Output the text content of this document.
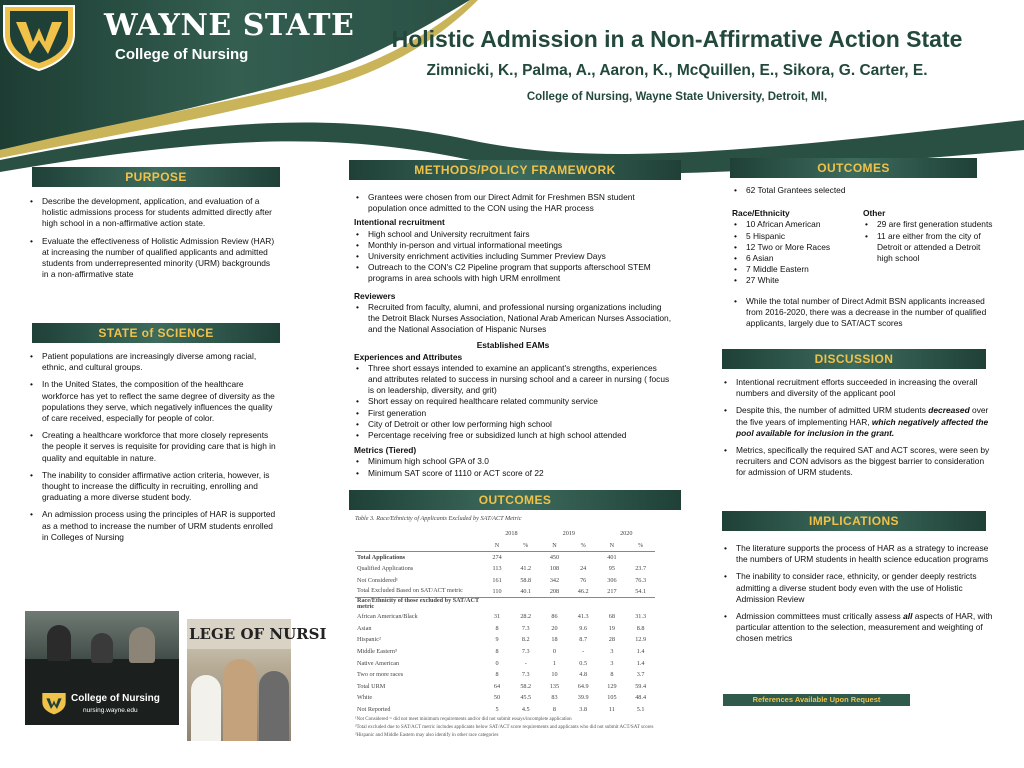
WAYNE STATE
College of Nursing
Holistic Admission in a Non-Affirmative Action State
Zimnicki, K., Palma, A., Aaron, K., McQuillen, E., Sikora, G. Carter, E.
College of Nursing, Wayne State University, Detroit, MI,
PURPOSE
• Describe the development, application, and evaluation of a holistic admissions process for students admitted directly after high school in a non-affirmative action state.
• Evaluate the effectiveness of Holistic Admission Review (HAR) at increasing the number of qualified applicants and admitted students from underrepresented minority (URM) backgrounds in a non-affirmative state
STATE of SCIENCE
• Patient populations are increasingly diverse among racial, ethnic, and cultural groups.
• In the United States, the composition of the healthcare workforce has yet to reflect the same degree of diversity as the populations they serve, which negatively influences the quality of care received, especially for people of color.
• Creating a healthcare workforce that more closely represents the people it serves is requisite for providing care that is high in quality and equitable in nature.
• The inability to consider affirmative action criteria, however, is thought to increase the difficulty in recruiting, enrolling and graduating a more diverse student body.
• An admission process using the principles of HAR is supported as a method to increase the number of URM students enrolled in Colleges of Nursing
College of Nursing
nursing.wayne.edu
LEGE OF NURSI
METHODS/POLICY FRAMEWORK
• Grantees were chosen from our Direct Admit for Freshmen BSN student population once admitted to the CON using the HAR process
Intentional recruitment
• High school and University recruitment fairs
• Monthly in-person and virtual informational meetings
• University enrichment activities including Summer Preview Days
• Outreach to the CON's C2 Pipeline program that supports afterschool STEM programs in area schools with high URM enrollment
Reviewers
• Recruited from faculty, alumni, and professional nursing organizations including the Detroit Black Nurses Association, National Arab American Nurses Association, and the National Association of Hispanic Nurses
Established EAMs
Experiences and Attributes
• Three short essays intended to examine an applicant's strengths, experiences and attributes related to success in nursing school and a career in nursing ( focus is on leadership, diversity, and grit)
• Short essay on required healthcare related community service
• First generation
• City of Detroit or other low performing high school
• Percentage receiving free or subsidized lunch at high school attended
Metrics (Tiered)
• Minimum high school GPA of 3.0
• Minimum SAT score of 1110 or ACT score of 22
OUTCOMES
Table 3. Race/Ethnicity of Applicants Excluded by SAT/ACT Metric
	2018		2019		2020	
	N	%	N	%	N	%
Total Applications	274		450		401	
Qualified Applications	113	41.2	108	24	95	23.7
Not Considered¹	161	58.8	342	76	306	76.3
Total Excluded Based on SAT/ACT metric	110	40.1	208	46.2	217	54.1
Race/Ethnicity of those excluded by SAT/ACT metric						
African American/Black	31	28.2	86	41.3	68	31.3
Asian	8	7.3	20	9.6	19	8.8
Hispanic²	9	8.2	18	8.7	28	12.9
Middle Eastern³	8	7.3	0	-	3	1.4
Native American	0	-	1	0.5	3	1.4
Two or more races	8	7.3	10	4.8	8	3.7
Total URM	64	58.2	135	64.9	129	59.4
White	50	45.5	83	39.9	105	48.4
Not Reported	5	4.5	8	3.8	11	5.1
¹Not Considered = did not meet minimum requirements and/or did not submit essays/incomplete application
²Total excluded due to SAT/ACT metric includes applicants below SAT/ACT score requirements and applicants who did not submit ACT/SAT scores
³Hispanic and Middle Eastern may also identify in other race categories
OUTCOMES
• 62 Total Grantees selected
Race/Ethnicity
• 10 African American
• 5 Hispanic
• 12 Two or More Races
• 6 Asian
• 7 Middle Eastern
• 27 White
Other
• 29 are first generation students
• 11 are either from the city of Detroit or attended a Detroit high school
• While the total number of Direct Admit BSN applicants increased from 2016-2020, there was a decrease in the number of qualified applicants, largely due to SAT/ACT scores
DISCUSSION
• Intentional recruitment efforts succeeded in increasing the overall numbers and diversity of the applicant pool
• Despite this, the number of admitted URM students decreased over the five years of implementing HAR, which negatively affected the pool available for inclusion in the grant.
• Metrics, specifically the required SAT and ACT scores, were seen by recruiters and CON advisors as the biggest barrier to consideration for admission of URM students.
IMPLICATIONS
• The literature supports the process of HAR as a strategy to increase the numbers of URM students in health science education programs
• The inability to consider race, ethnicity, or gender deeply restricts admitting a diverse student body even with the use of Holistic Admission Review
• Admission committees must critically assess all aspects of HAR, with particular attention to the selection, measurement and weighting of chosen metrics
References Available Upon Request
